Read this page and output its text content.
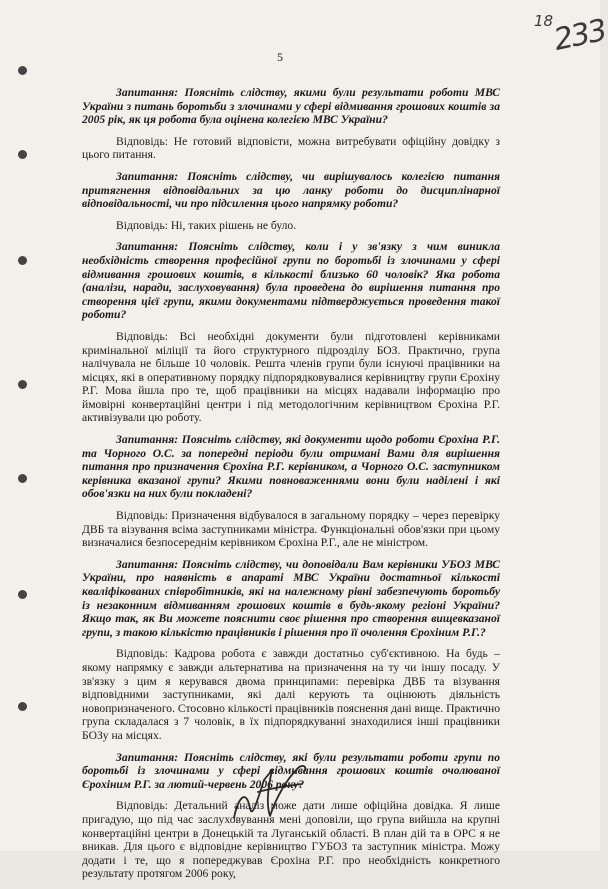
18
233
5

Запитання: Поясніть слідству, якими були результати роботи МВС України з питань боротьби з злочинами у сфері відмивання грошових коштів за 2005 рік, як ця робота була оцінена колегією МВС України?

Відповідь: Не готовий відповісти, можна витребувати офіційну довідку з цього питання.

Запитання: Поясніть слідству, чи вирішувалось колегією питання притягнення відповідальних за цю ланку роботи до дисциплінарної відповідальності, чи про підсилення цього напрямку роботи?

Відповідь: Ні, таких рішень не було.

Запитання: Поясніть слідству, коли і у зв'язку з чим виникла необхідність створення професійної групи по боротьбі із злочинами у сфері відмивання грошових коштів, в кількості близько 60 чоловік? Яка робота (аналізи, наради, заслуховування) була проведена до вирішення питання про створення цієї групи, якими документами підтверджується проведення такої роботи?

Відповідь: Всі необхідні документи були підготовлені керівниками кримінальної міліції та його структурного підрозділу БОЗ. Практично, група налічувала не більше 10 чоловік. Решта членів групи були існуючі працівники на місцях, які в оперативному порядку підпорядковувалися керівництву групи Єрохіну Р.Г. Мова йшла про те, щоб працівники на місцях надавали інформацію про ймовірні конвертаційні центри і під методологічним керівництвом Єрохіна Р.Г. активізували цю роботу.

Запитання: Поясніть слідству, які документи щодо роботи Єрохіна Р.Г. та Чорного О.С. за попередні періоди були отримані Вами для вирішення питання про призначення Єрохіна Р.Г. керівником, а Чорного О.С. заступником керівника вказаної групи? Якими повноваженнями вони були наділені і які обов'язки на них були покладені?

Відповідь: Призначення відбувалося в загальному порядку – через перевірку ДВБ та візування всіма заступниками міністра. Функціональні обов'язки при цьому визначалися безпосереднім керівником Єрохіна Р.Г., але не міністром.

Запитання: Поясніть слідству, чи доповідали Вам керівники УБОЗ МВС України, про наявність в апараті МВС України достатньої кількості кваліфікованих співробітників, які на належному рівні забезпечують боротьбу із незаконним відмиванням грошових коштів в будь-якому регіоні України? Якщо так, як Ви можете пояснити своє рішення про створення вищевказаної групи, з такою кількістю працівників і рішення про її очолення Єрохіним Р.Г.?

Відповідь: Кадрова робота є завжди достатньо суб'єктивною. На будь – якому напрямку є завжди альтернатива на призначення на ту чи іншу посаду. У зв'язку з цим я керувався двома принципами: перевірка ДВБ та візування відповідними заступниками, які далі керують та оцінюють діяльність новопризначеного. Стосовно кількості працівників пояснення дані вище. Практично група складалася з 7 чоловік, в їх підпорядкуванні знаходилися інші працівники БОЗу на місцях.

Запитання: Поясніть слідству, які були результати роботи групи по боротьбі із злочинами у сфері відмивання грошових коштів очолюваної Єрохіним Р.Г. за лютий-червень 2006 року?

Відповідь: Детальний аналіз може дати лише офіційна довідка. Я лише пригадую, що під час заслуховування мені доповіли, що група вийшла на крупні конвертаційні центри в Донецькій та Луганській області. В план дій та в ОРС я не вникав. Для цього є відповідне керівництво ГУБОЗ та заступник міністра. Можу додати і те, що я попереджував Єрохіна Р.Г. про необхідність конкретного результату протягом 2006 року,
